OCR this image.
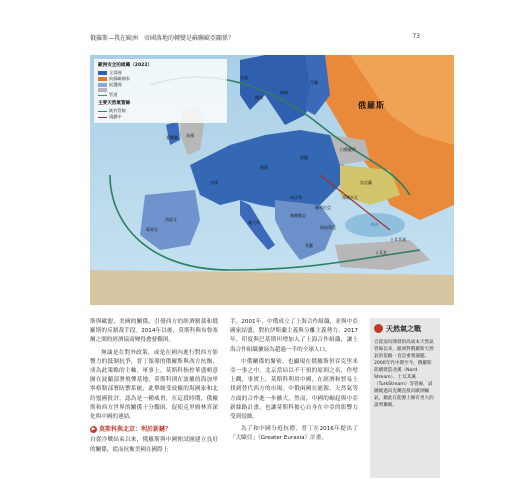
俄羅斯—我在歐洲　帝國落地的轉變是蘇聯歐亞關係？	73
歐洲安全的組織（2022）
全員國
前蘇聯國家
候選國
管道
主要天然氣管線
既有管線
規劃中
俄羅斯
白俄羅斯
烏克蘭
波蘭
德國
法國
西班牙
葡萄牙
義大利
英國
愛爾蘭
挪威
瑞典
芬蘭
羅馬尼亞
保加利亞
匈牙利
土耳其
希臘
摩爾多瓦
塞爾維亞
黑海
土耳其溪
北溪

斯與歐盟、美國的關係，引發西方的經濟制裁和俄羅斯的反制裁手段。2014年以後，莫斯科與布魯塞爾之間的經濟協商變得愈發艱困。

無論是在對外政策，或是在國內進行對西方影響力的抵制抗爭，普丁領導的俄羅斯與西方抗衡，成為此策略的主軸。軍事上，莫斯科指控華盛頓意圖在波蘭部署飛彈基地，莫斯科則在波羅的海加里寧格勒部署防禦系統，此舉頗受波羅的海國家和北約盟國批評，認為是一種威脅，在這段時期，俄羅斯和西方世界的關係十分艱困，促使克里姆林宮深化與中國的連結。

▶ 莫斯科與北京：利於新鏈？

自從冷戰結束以來，俄羅斯與中國便試圖建立良好的關係，從而抗衡美國在國際上

手。2001年，中俄成立了上海合作組織，並與中亞國家結盟，對抗伊斯蘭主義與分離主義勢力。2017年，印度與巴基斯坦增加入了上海合作組織，讓上海合作組織擴展為超過一半的全球人口。

中俄關係的緊密，也顯現在俄羅斯併吞克里米亞一事之中，北京當局以不干預的原則之名，作壁上觀，事實上，莫斯科利用中國，在經濟和貿易上找到替代西方的市場。中俄兩國在能源、天然氣等方面的合作進一步擴大。然而，中國的崛起與中亞新絲路計畫，也讓莫斯科擔心自身在中亞的影響力受到侵蝕。

為了和中國分庭抗禮，普丁在2016年提出了「大歐亞」（Greater Eurasia）計畫，

天然氣之戰
自從南向開發的高成本天然氣管線以來，歐洲對俄羅斯天然氣的依賴一直是重要議題。2000年代中期至今，俄羅斯陸續建造北溪（Nord Stream）、土耳其溪（TurkStream）等管線，試圖繞過烏克蘭直接向歐洲輸氣，藉此在能源上擁有更大的談判籌碼。
